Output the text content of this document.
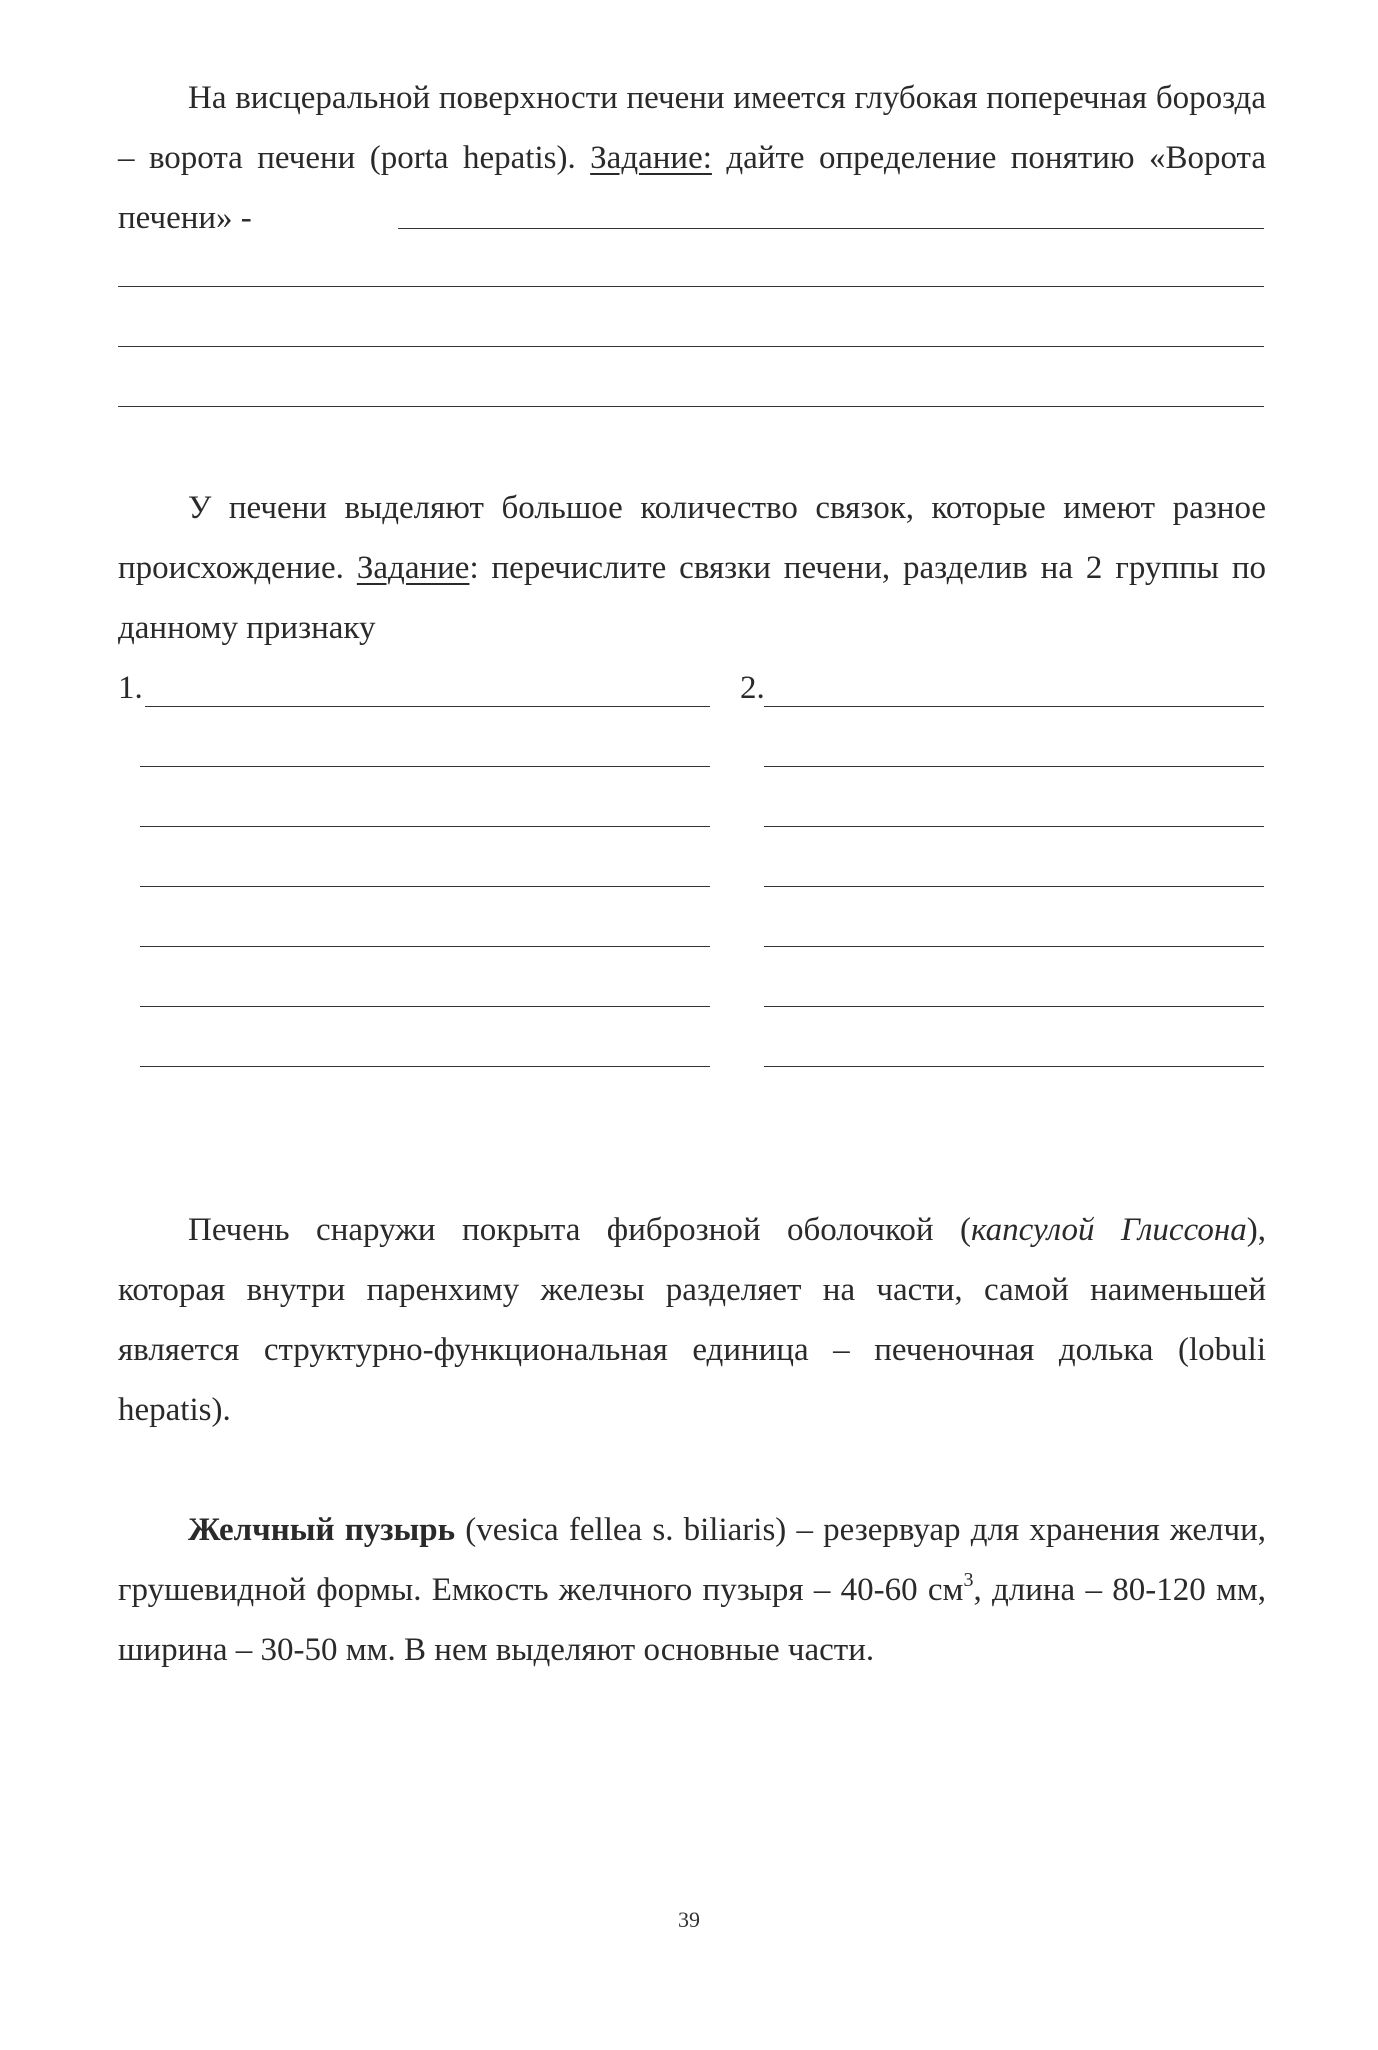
На висцеральной поверхности печени имеется глубокая поперечная борозда – ворота печени (porta hepatis). Задание: дайте определение понятию «Ворота печени» -

У печени выделяют большое количество связок, которые имеют разное происхождение. Задание: перечислите связки печени, разделив на 2 группы по данному признаку

1.	2.

Печень снаружи покрыта фиброзной оболочкой (капсулой Глиссона), которая внутри паренхиму железы разделяет на части, самой наименьшей является структурно-функциональная единица – печеночная долька (lobuli hepatis).

Желчный пузырь (vesica fellea s. biliaris) – резервуар для хранения желчи, грушевидной формы. Емкость желчного пузыря – 40-60 $см^3$, длина – 80-120 мм, ширина – 30-50 мм. В нем выделяют основные части.

39
